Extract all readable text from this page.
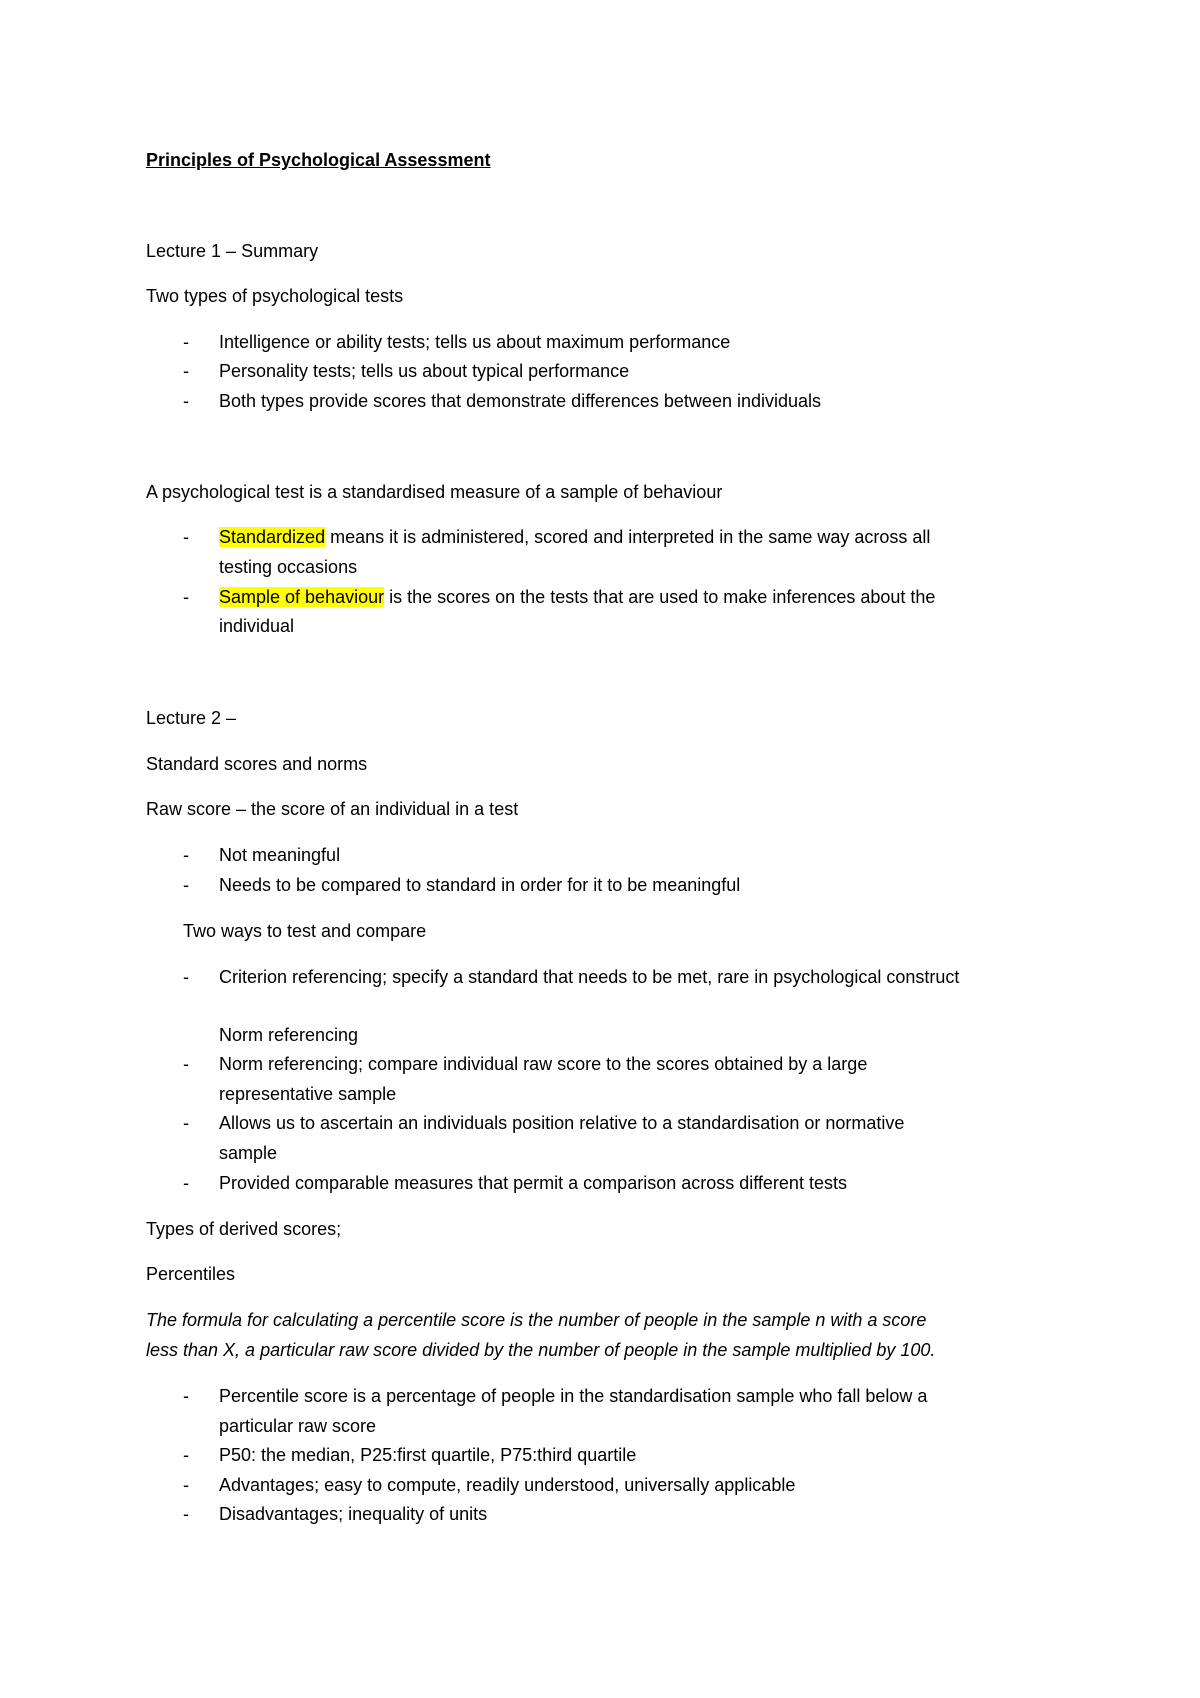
Principles of Psychological Assessment
Lecture 1 – Summary
Two types of psychological tests
-	Intelligence or ability tests; tells us about maximum performance
-	Personality tests; tells us about typical performance
-	Both types provide scores that demonstrate differences between individuals
A psychological test is a standardised measure of a sample of behaviour
-	Standardized means it is administered, scored and interpreted in the same way across all
testing occasions
-	Sample of behaviour is the scores on the tests that are used to make inferences about the
individual
Lecture 2 –
Standard scores and norms
Raw score – the score of an individual in a test
-	Not meaningful
-	Needs to be compared to standard in order for it to be meaningful
Two ways to test and compare
-	Criterion referencing; specify a standard that needs to be met, rare in psychological construct
Norm referencing
-	Norm referencing; compare individual raw score to the scores obtained by a large
representative sample
-	Allows us to ascertain an individuals position relative to a standardisation or normative
sample
-	Provided comparable measures that permit a comparison across different tests
Types of derived scores;
Percentiles
The formula for calculating a percentile score is the number of people in the sample n with a score
less than X, a particular raw score divided by the number of people in the sample multiplied by 100.
-	Percentile score is a percentage of people in the standardisation sample who fall below a
particular raw score
-	P50: the median, P25:first quartile, P75:third quartile
-	Advantages; easy to compute, readily understood, universally applicable
-	Disadvantages; inequality of units
